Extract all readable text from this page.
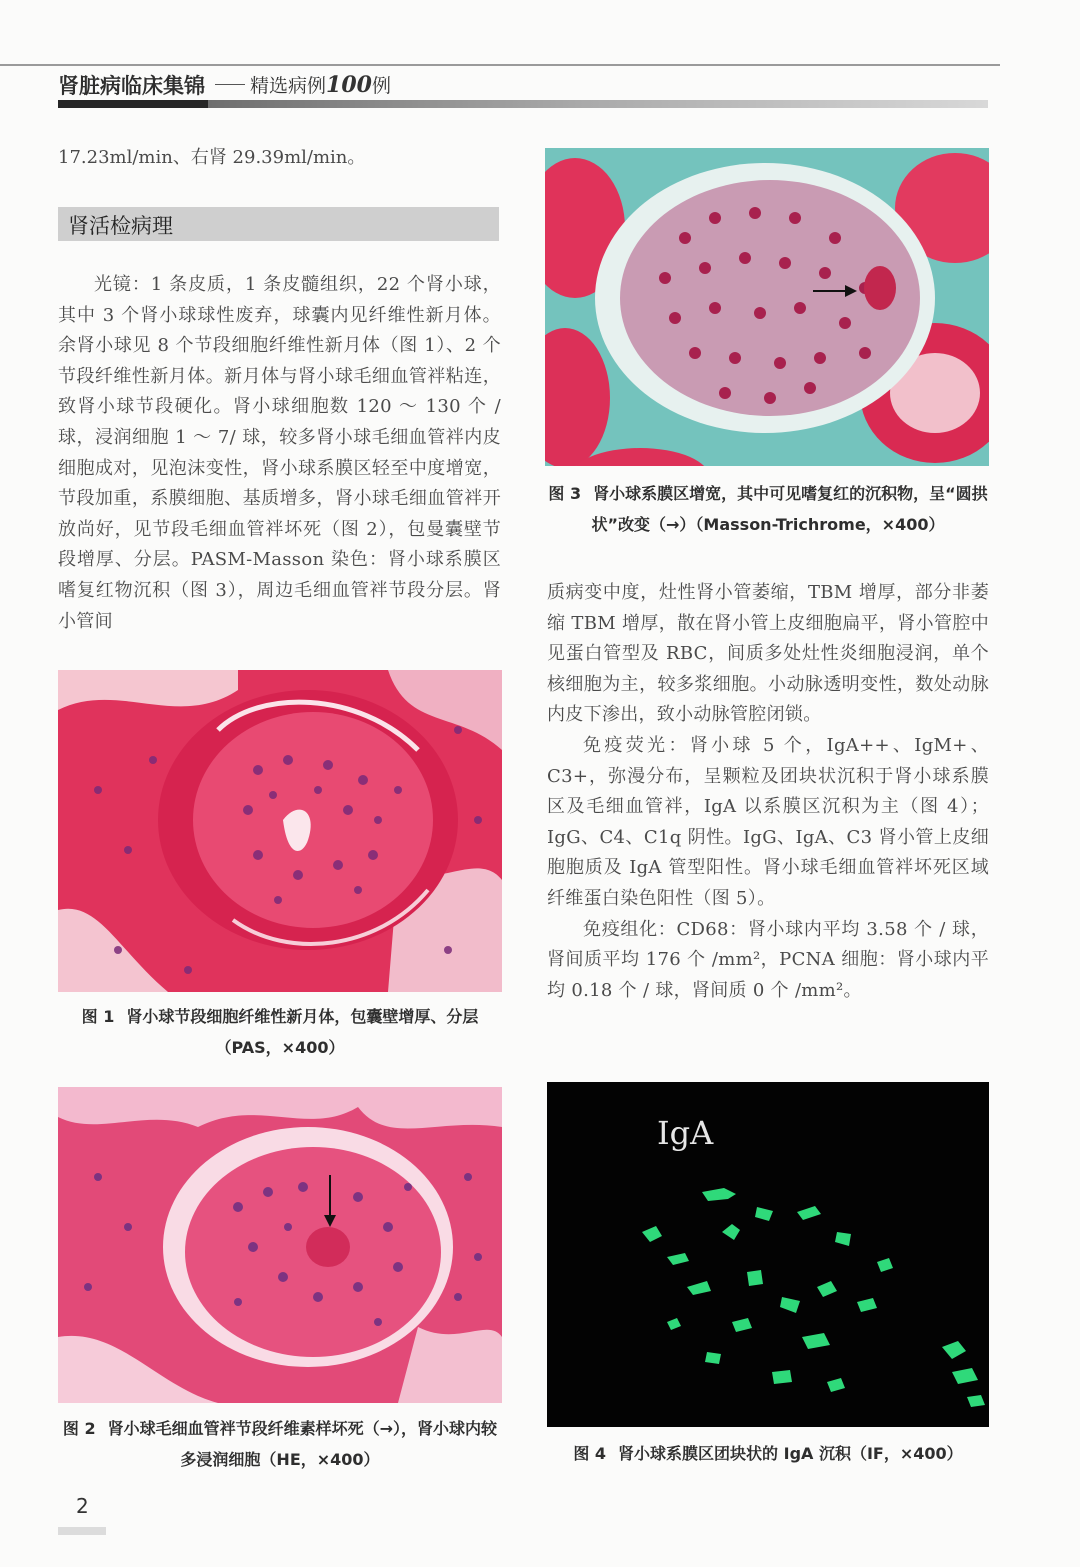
肾脏病临床集锦 精选病例100例
17.23ml/min、右肾 29.39ml/min。
肾活检病理

光镜：1 条皮质，1 条皮髓组织，22 个肾小球，其中 3 个肾小球球性废弃，球囊内见纤维性新月体。余肾小球见 8 个节段细胞纤维性新月体（图 1）、2 个节段纤维性新月体。新月体与肾小球毛细血管袢粘连，致肾小球节段硬化。肾小球细胞数 120 ～ 130 个 / 球，浸润细胞 1 ～ 7/ 球，较多肾小球毛细血管袢内皮细胞成对，见泡沫变性，肾小球系膜区轻至中度增宽，节段加重，系膜细胞、基质增多，肾小球毛细血管袢开放尚好，见节段毛细血管袢坏死（图 2），包曼囊壁节段增厚、分层。PASM-Masson 染色：肾小球系膜区嗜复红物沉积（图 3），周边毛细血管袢节段分层。肾小管间

图 1 肾小球节段细胞纤维性新月体，包囊壁增厚、分层（PAS，×400）
图 2 肾小球毛细血管袢节段纤维素样坏死（→），肾小球内较多浸润细胞（HE，×400）
图 3 肾小球系膜区增宽，其中可见嗜复红的沉积物，呈“圆拱状”改变（→）（Masson-Trichrome，×400）

质病变中度，灶性肾小管萎缩，TBM 增厚，部分非萎缩 TBM 增厚，散在肾小管上皮细胞扁平，肾小管腔中见蛋白管型及 RBC，间质多处灶性炎细胞浸润，单个核细胞为主，较多浆细胞。小动脉透明变性，数处动脉内皮下渗出，致小动脉管腔闭锁。

免疫荧光：肾小球 5 个，IgA++、IgM+、C3+，弥漫分布，呈颗粒及团块状沉积于肾小球系膜区及毛细血管袢，IgA 以系膜区沉积为主（图 4）；IgG、C4、C1q 阴性。IgG、IgA、C3 肾小管上皮细胞胞质及 IgA 管型阳性。肾小球毛细血管袢坏死区域纤维蛋白染色阳性（图 5）。

免疫组化：CD68：肾小球内平均 3.58 个 / 球，肾间质平均 176 个 /mm²，PCNA 细胞：肾小球内平均 0.18 个 / 球，肾间质 0 个 /mm²。

IgA
图 4 肾小球系膜区团块状的 IgA 沉积（IF，×400）
2
